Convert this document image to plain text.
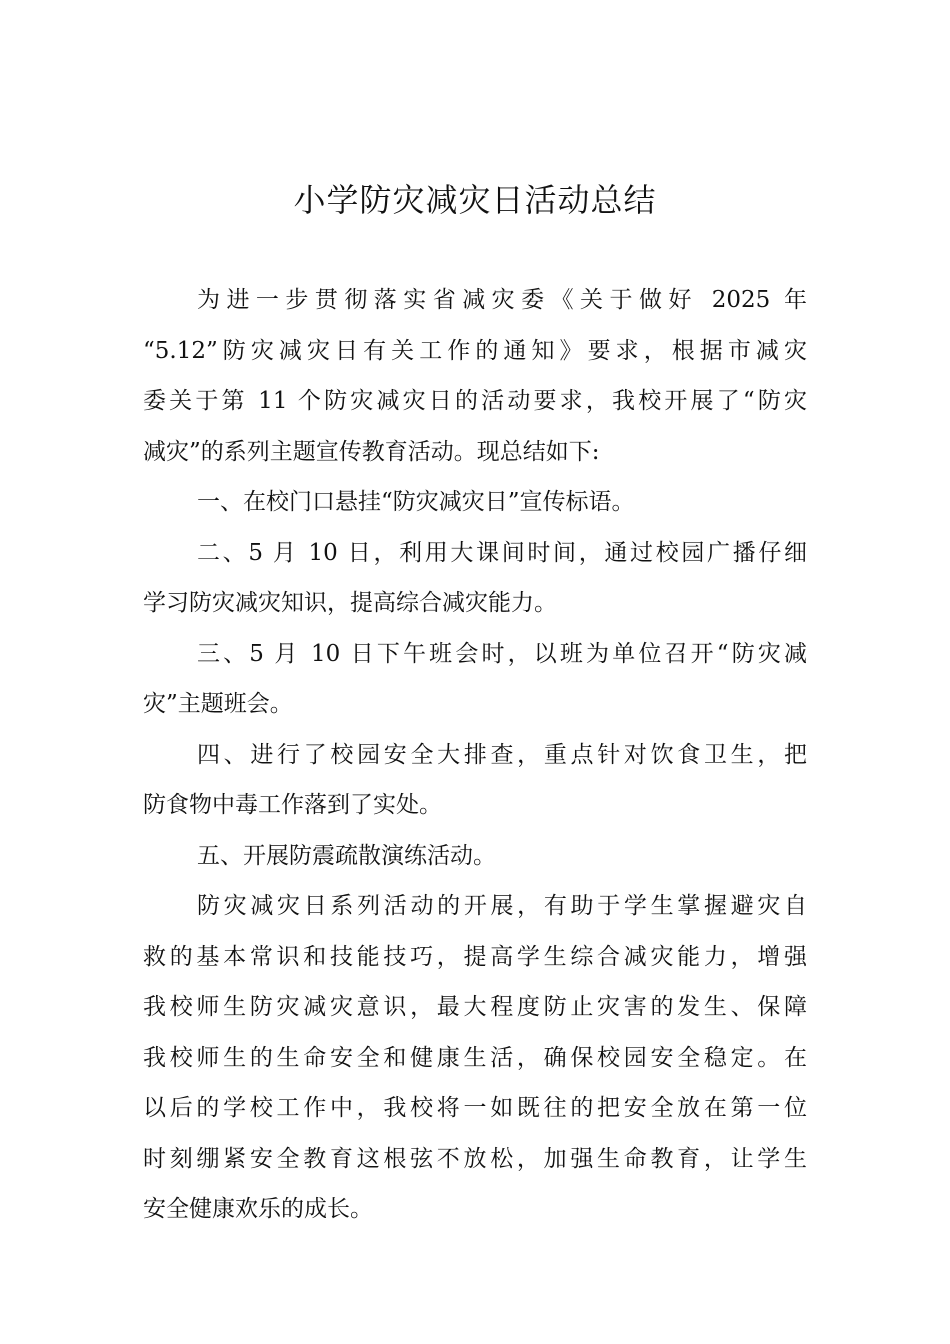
小学防灾减灾日活动总结
为进一步贯彻落实省减灾委《关于做好 2025 年
“5.12”防灾减灾日有关工作的通知》要求，根据市减灾
委关于第 11 个防灾减灾日的活动要求，我校开展了“防灾
减灾”的系列主题宣传教育活动。现总结如下:
一、在校门口悬挂“防灾减灾日”宣传标语。
二、5 月 10 日，利用大课间时间，通过校园广播仔细
学习防灾减灾知识，提高综合减灾能力。
三、5 月 10 日下午班会时，以班为单位召开“防灾减
灾”主题班会。
四、进行了校园安全大排查，重点针对饮食卫生，把
防食物中毒工作落到了实处。
五、开展防震疏散演练活动。
防灾减灾日系列活动的开展，有助于学生掌握避灾自
救的基本常识和技能技巧，提高学生综合减灾能力，增强
我校师生防灾减灾意识，最大程度防止灾害的发生、保障
我校师生的生命安全和健康生活，确保校园安全稳定。在
以后的学校工作中，我校将一如既往的把安全放在第一位
时刻绷紧安全教育这根弦不放松，加强生命教育，让学生
安全健康欢乐的成长。
